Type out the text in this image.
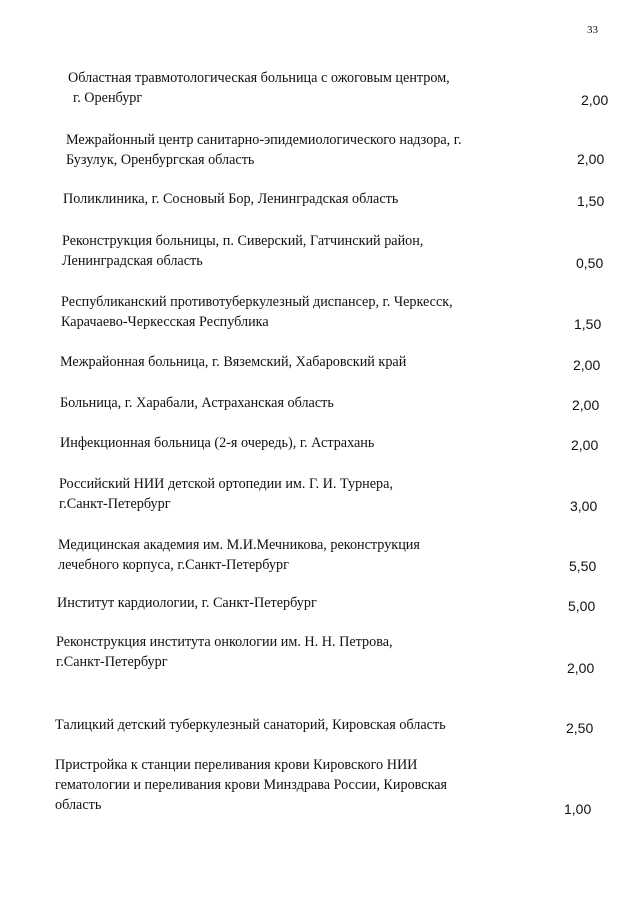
33
Областная травмотологическая больница с ожоговым центром,
г. Оренбург	2,00
Межрайонный центр санитарно-эпидемиологического надзора, г.
Бузулук, Оренбургская область	2,00
Поликлиника, г. Сосновый Бор, Ленинградская область	1,50
Реконструкция больницы, п. Сиверский, Гатчинский район,
Ленинградская область	0,50
Республиканский противотуберкулезный диспансер, г. Черкесск,
Карачаево-Черкесская Республика	1,50
Межрайонная больница, г. Вяземский, Хабаровский край	2,00
Больница, г. Харабали, Астраханская область	2,00
Инфекционная больница (2-я очередь), г. Астрахань	2,00
Российский НИИ детской ортопедии им. Г. И. Турнера,
г.Санкт-Петербург	3,00
Медицинская академия им. М.И.Мечникова, реконструкция
лечебного корпуса, г.Санкт-Петербург	5,50
Институт кардиологии, г. Санкт-Петербург	5,00
Реконструкция института онкологии им. Н. Н. Петрова,
г.Санкт-Петербург	2,00
Талицкий детский туберкулезный санаторий, Кировская область	2,50
Пристройка к станции переливания крови Кировского НИИ
гематологии и переливания крови Минздрава России, Кировская
область	1,00
